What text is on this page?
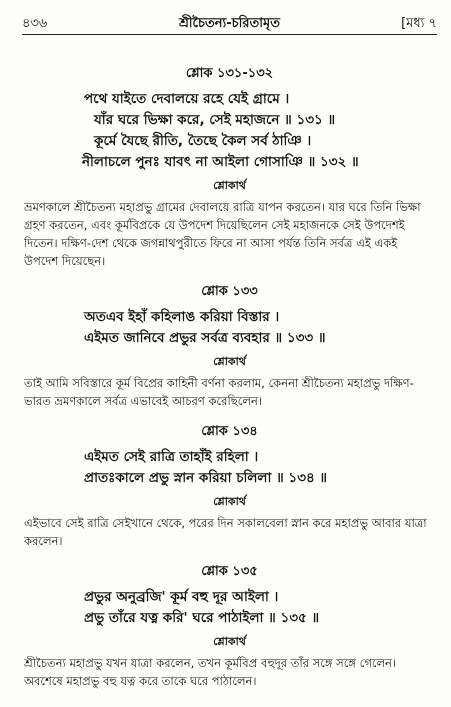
৪৩৬	শ্রীচৈতন্য-চরিতামৃত	[মধ্য ৭
শ্লোক ১৩১-১৩২
পথে যাইতে দেবালয়ে রহে যেই গ্রামে ।
যাঁর ঘরে ভিক্ষা করে, সেই মহাজনে ॥ ১৩১ ॥
কূর্মে যৈছে রীতি, তৈছে কৈল সর্ব ঠাঞি ।
নীলাচলে পুনঃ যাবৎ না আইলা গোসাঞি ॥ ১৩২ ॥
শ্লোকার্থ

ভ্রমণকালে শ্রীচৈতন্য মহাপ্রভু গ্রামের দেবালয়ে রাত্রি যাপন করতেন। যার ঘরে তিনি ভিক্ষা গ্রহণ করতেন, এবং কূর্মবিপ্রকে যে উপদেশ দিয়েছিলেন সেই মহাজনকে সেই উপদেশই দিতেন। দক্ষিণ-দেশ থেকে জগন্নাথপুরীতে ফিরে না আসা পর্যন্ত তিনি সর্বত্র এই একই উপদেশ দিয়েছেন।

শ্লোক ১৩৩
অতএব ইহাঁ কহিলাঙ করিয়া বিস্তার ।
এইমত জানিবে প্রভুর সর্বত্র ব্যবহার ॥ ১৩৩ ॥
শ্লোকার্থ

তাই আমি সবিস্তারে কূর্ম বিপ্রের কাহিনী বর্ণনা করলাম, কেননা শ্রীচৈতন্য মহাপ্রভু দক্ষিণ-ভারত ভ্রমণকালে সর্বত্র এভাবেই আচরণ করেছিলেন।

শ্লোক ১৩৪
এইমত সেই রাত্রি তাহাঁই রহিলা ।
প্রাতঃকালে প্রভু স্নান করিয়া চলিলা ॥ ১৩৪ ॥
শ্লোকার্থ

এইভাবে সেই রাত্রি সেইখানে থেকে, পরের দিন সকালবেলা স্নান করে মহাপ্রভু আবার যাত্রা করলেন।

শ্লোক ১৩৫
প্রভুর অনুব্রজি' কূর্ম বহু দূর আইলা ।
প্রভু তাঁরে যত্ন করি' ঘরে পাঠাইলা ॥ ১৩৫ ॥
শ্লোকার্থ

শ্রীচৈতন্য মহাপ্রভু যখন যাত্রা করলেন, তখন কূর্মবিপ্র বহুদূর তাঁর সঙ্গে সঙ্গে গেলেন। অবশেষে মহাপ্রভু বহু যত্ন করে তাকে ঘরে পাঠালেন।
